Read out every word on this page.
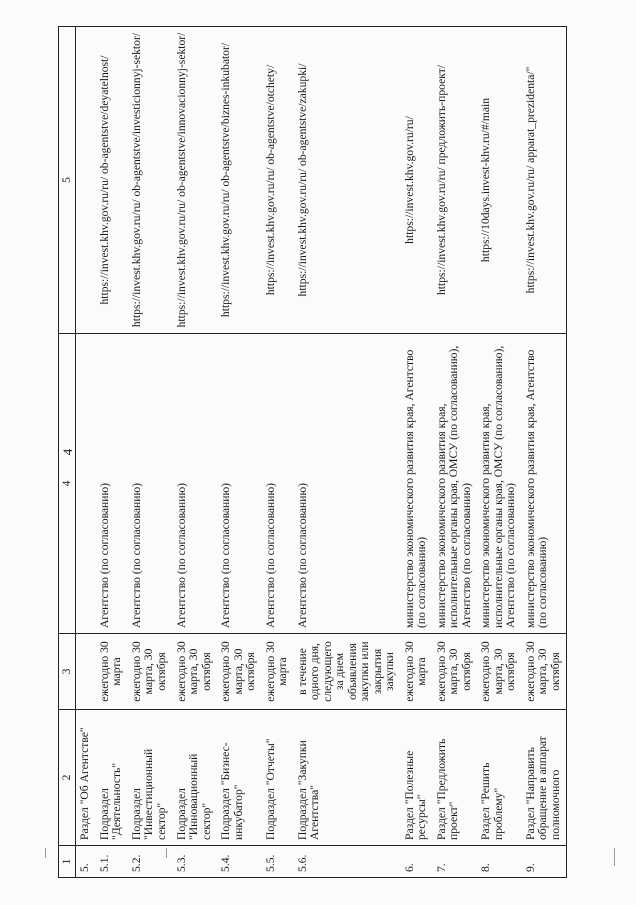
4
1	2	3	4	5
5.	Раздел "Об Агентстве"			
5.1.	Подраздел "Деятельность"	ежегодно 30 марта	Агентство (по согласованию)	https://invest.khv.gov.ru/ru/ ob-agentstve/deyatelnost/
5.2.	Подраздел "Инвестиционный сектор"	ежегодно 30 марта, 30 октября	Агентство (по согласованию)	https://invest.khv.gov.ru/ru/ ob-agentstve/investicionnyj-sektor/
5.3.	Подраздел "Инновационный сектор"	ежегодно 30 марта, 30 октября	Агентство (по согласованию)	https://invest.khv.gov.ru/ru/ ob-agentstve/innovacionnyj-sektor/
5.4.	Подраздел "Бизнес-инкубатор"	ежегодно 30 марта, 30 октября	Агентство (по согласованию)	https://invest.khv.gov.ru/ru/ ob-agentstve/biznes-inkubator/
5.5.	Подраздел "Отчеты"	ежегодно 30 марта	Агентство (по согласованию)	https://invest.khv.gov.ru/ru/ ob-agentstve/otchety/
5.6.	Подраздел "Закупки Агентства"	в течение одного дня, следующего за днем объявления закупки или закрытия закупки	Агентство (по согласованию)	https://invest.khv.gov.ru/ru/ ob-agentstve/zakupki/
6.	Раздел "Полезные ресурсы"	ежегодно 30 марта	министерство экономического развития края, Агентство (по согласованию)	https://invest.khv.gov.ru/ru/
7.	Раздел "Предложить проект"	ежегодно 30 марта, 30 октября	министерство экономического развития края, исполнительные органы края, ОМСУ (по согласованию), Агентство (по согласованию)	https://invest.khv.gov.ru/ru/ предложить-проект/
8.	Раздел "Решить проблему"	ежегодно 30 марта, 30 октября	министерство экономического развития края, исполнительные органы края, ОМСУ (по согласованию), Агентство (по согласованию)	https://10days.invest-khv.ru/#/main
9.	Раздел "Направить обращение в аппарат полномочного	ежегодно 30 марта, 30 октября	министерство экономического развития края, Агентство (по согласованию)	https://invest.khv.gov.ru/ru/ apparat_prezidenta/"
